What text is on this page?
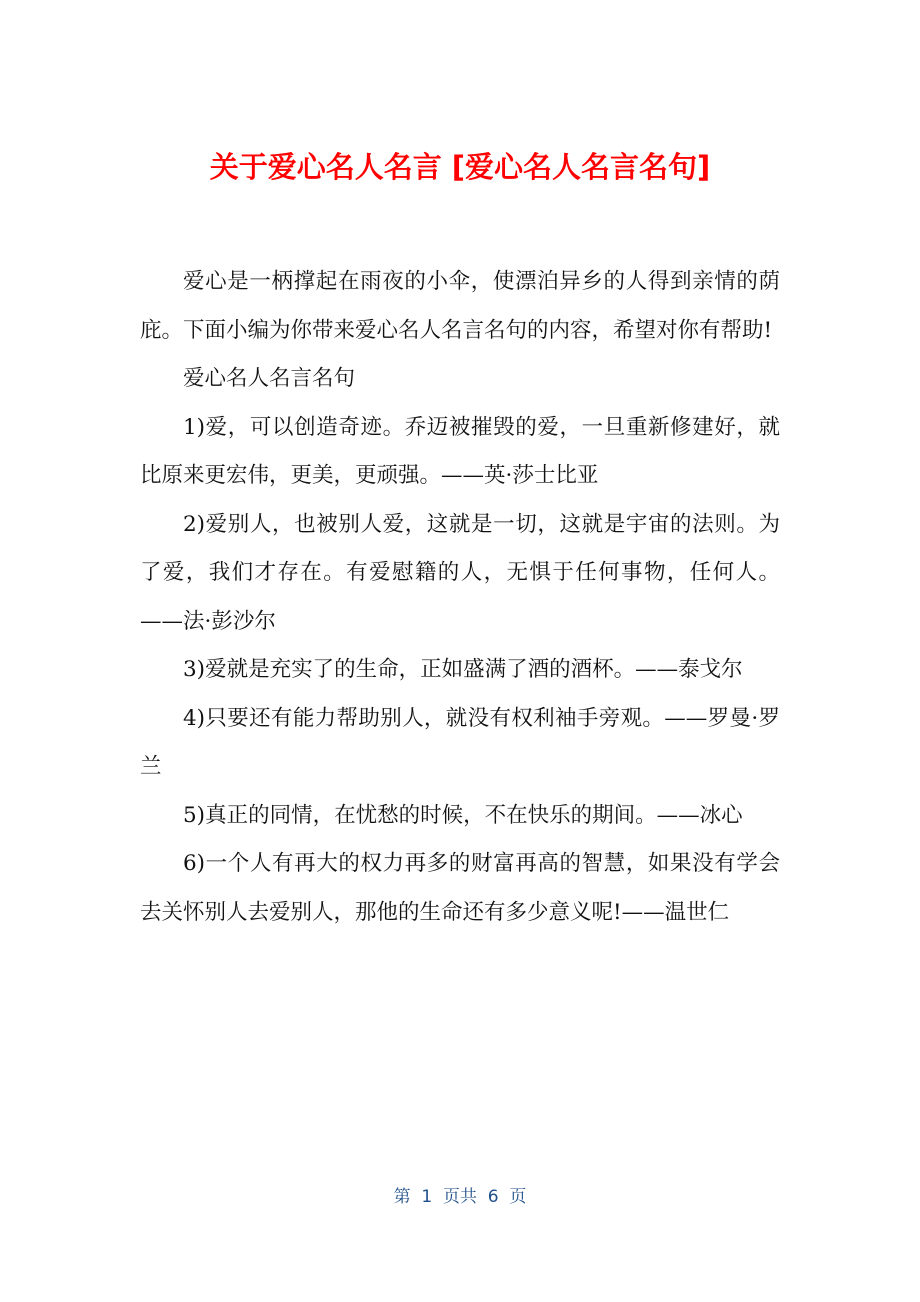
关于爱心名人名言 [爱心名人名言名句]

爱心是一柄撑起在雨夜的小伞，使漂泊异乡的人得到亲情的荫庇。下面小编为你带来爱心名人名言名句的内容，希望对你有帮助!

爱心名人名言名句

1)爱，可以创造奇迹。乔迈被摧毁的爱，一旦重新修建好，就比原来更宏伟，更美，更顽强。——英·莎士比亚

2)爱别人，也被别人爱，这就是一切，这就是宇宙的法则。为了爱，我们才存在。有爱慰籍的人，无惧于任何事物，任何人。——法·彭沙尔

3)爱就是充实了的生命，正如盛满了酒的酒杯。——泰戈尔

4)只要还有能力帮助别人，就没有权利袖手旁观。——罗曼·罗兰

5)真正的同情，在忧愁的时候，不在快乐的期间。——冰心

6)一个人有再大的权力再多的财富再高的智慧，如果没有学会去关怀别人去爱别人，那他的生命还有多少意义呢!——温世仁

第  1  页共  6  页
